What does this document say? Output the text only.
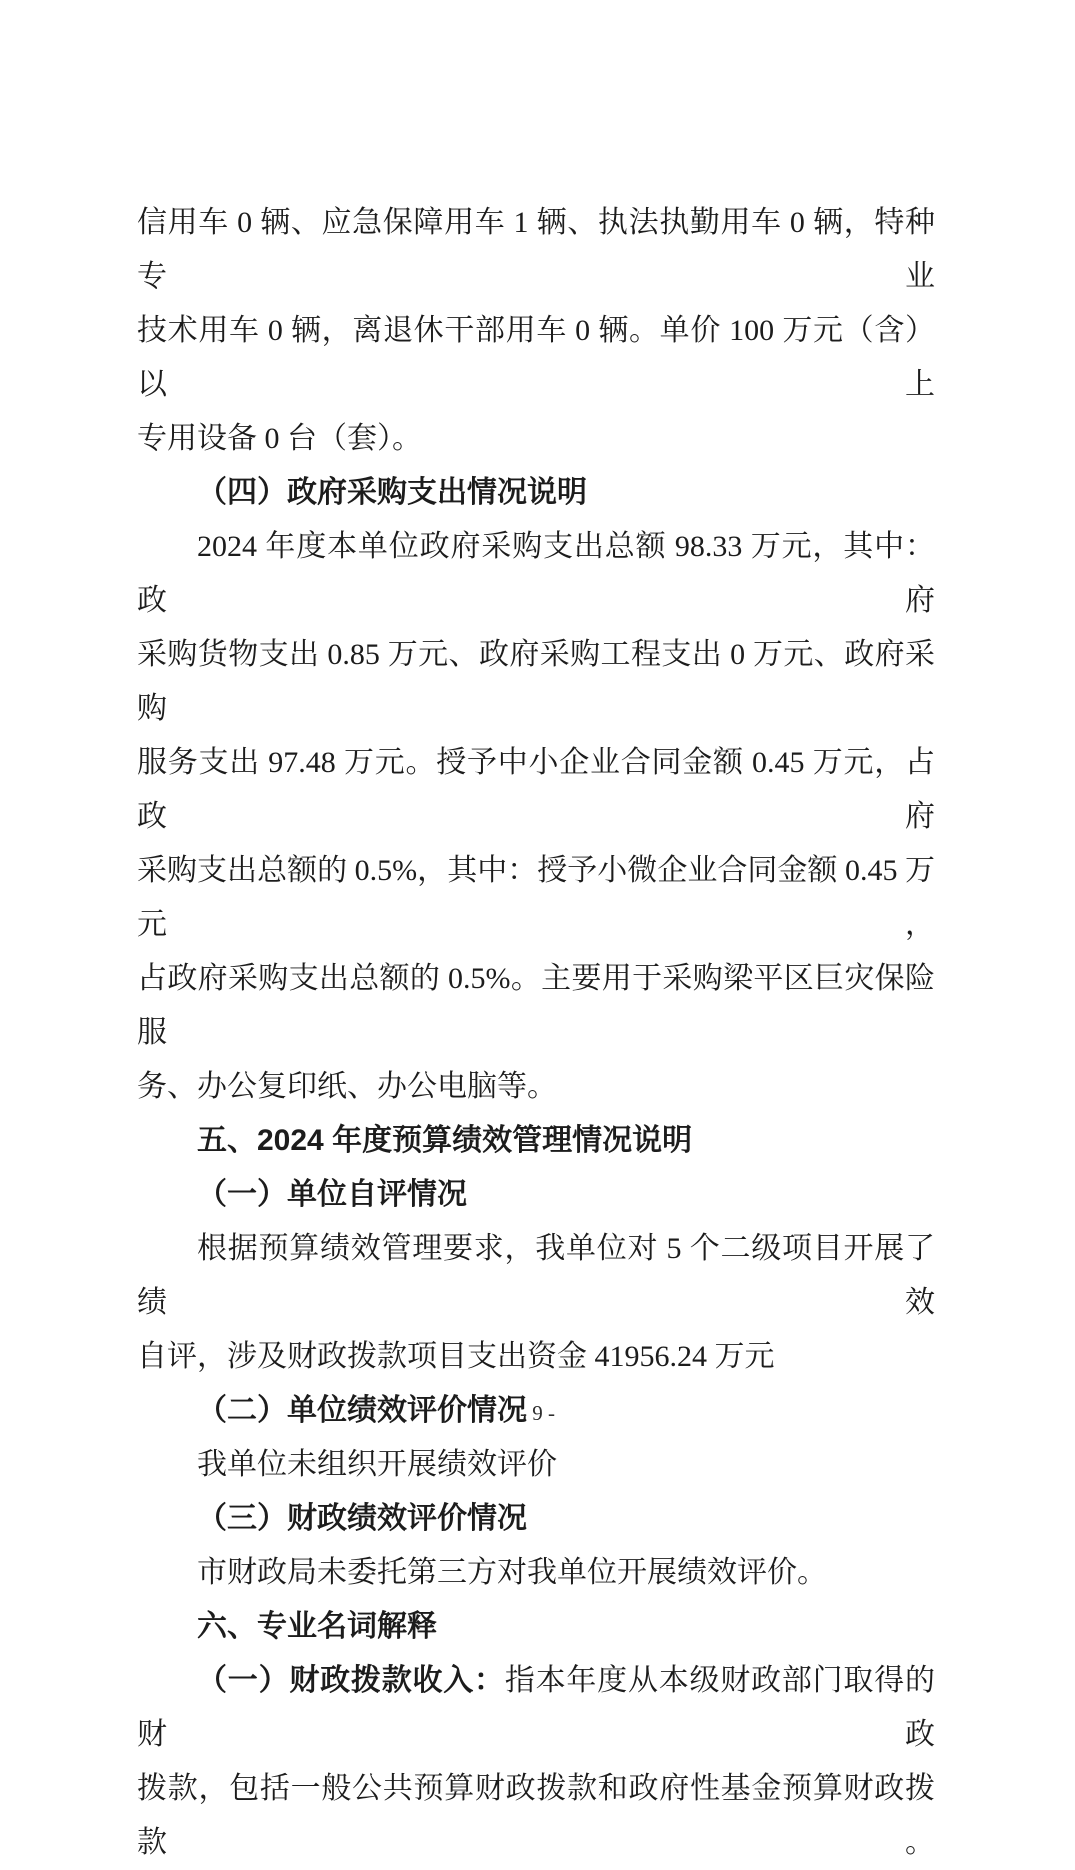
信用车 0 辆、应急保障用车 1 辆、执法执勤用车 0 辆，特种专业
技术用车 0 辆，离退休干部用车 0 辆。单价 100 万元（含）以上
专用设备 0 台（套）。
（四）政府采购支出情况说明
2024 年度本单位政府采购支出总额 98.33 万元，其中：政府
采购货物支出 0.85 万元、政府采购工程支出 0 万元、政府采购
服务支出 97.48 万元。授予中小企业合同金额 0.45 万元，占政府
采购支出总额的 0.5%，其中：授予小微企业合同金额 0.45 万元，
占政府采购支出总额的 0.5%。主要用于采购梁平区巨灾保险服
务、办公复印纸、办公电脑等。
五、2024 年度预算绩效管理情况说明
（一）单位自评情况
根据预算绩效管理要求，我单位对 5 个二级项目开展了绩效
自评，涉及财政拨款项目支出资金 41956.24 万元
（二）单位绩效评价情况
我单位未组织开展绩效评价
（三）财政绩效评价情况
市财政局未委托第三方对我单位开展绩效评价。
六、专业名词解释
（一）财政拨款收入：指本年度从本级财政部门取得的财政
拨款，包括一般公共预算财政拨款和政府性基金预算财政拨款。
- 9 -
